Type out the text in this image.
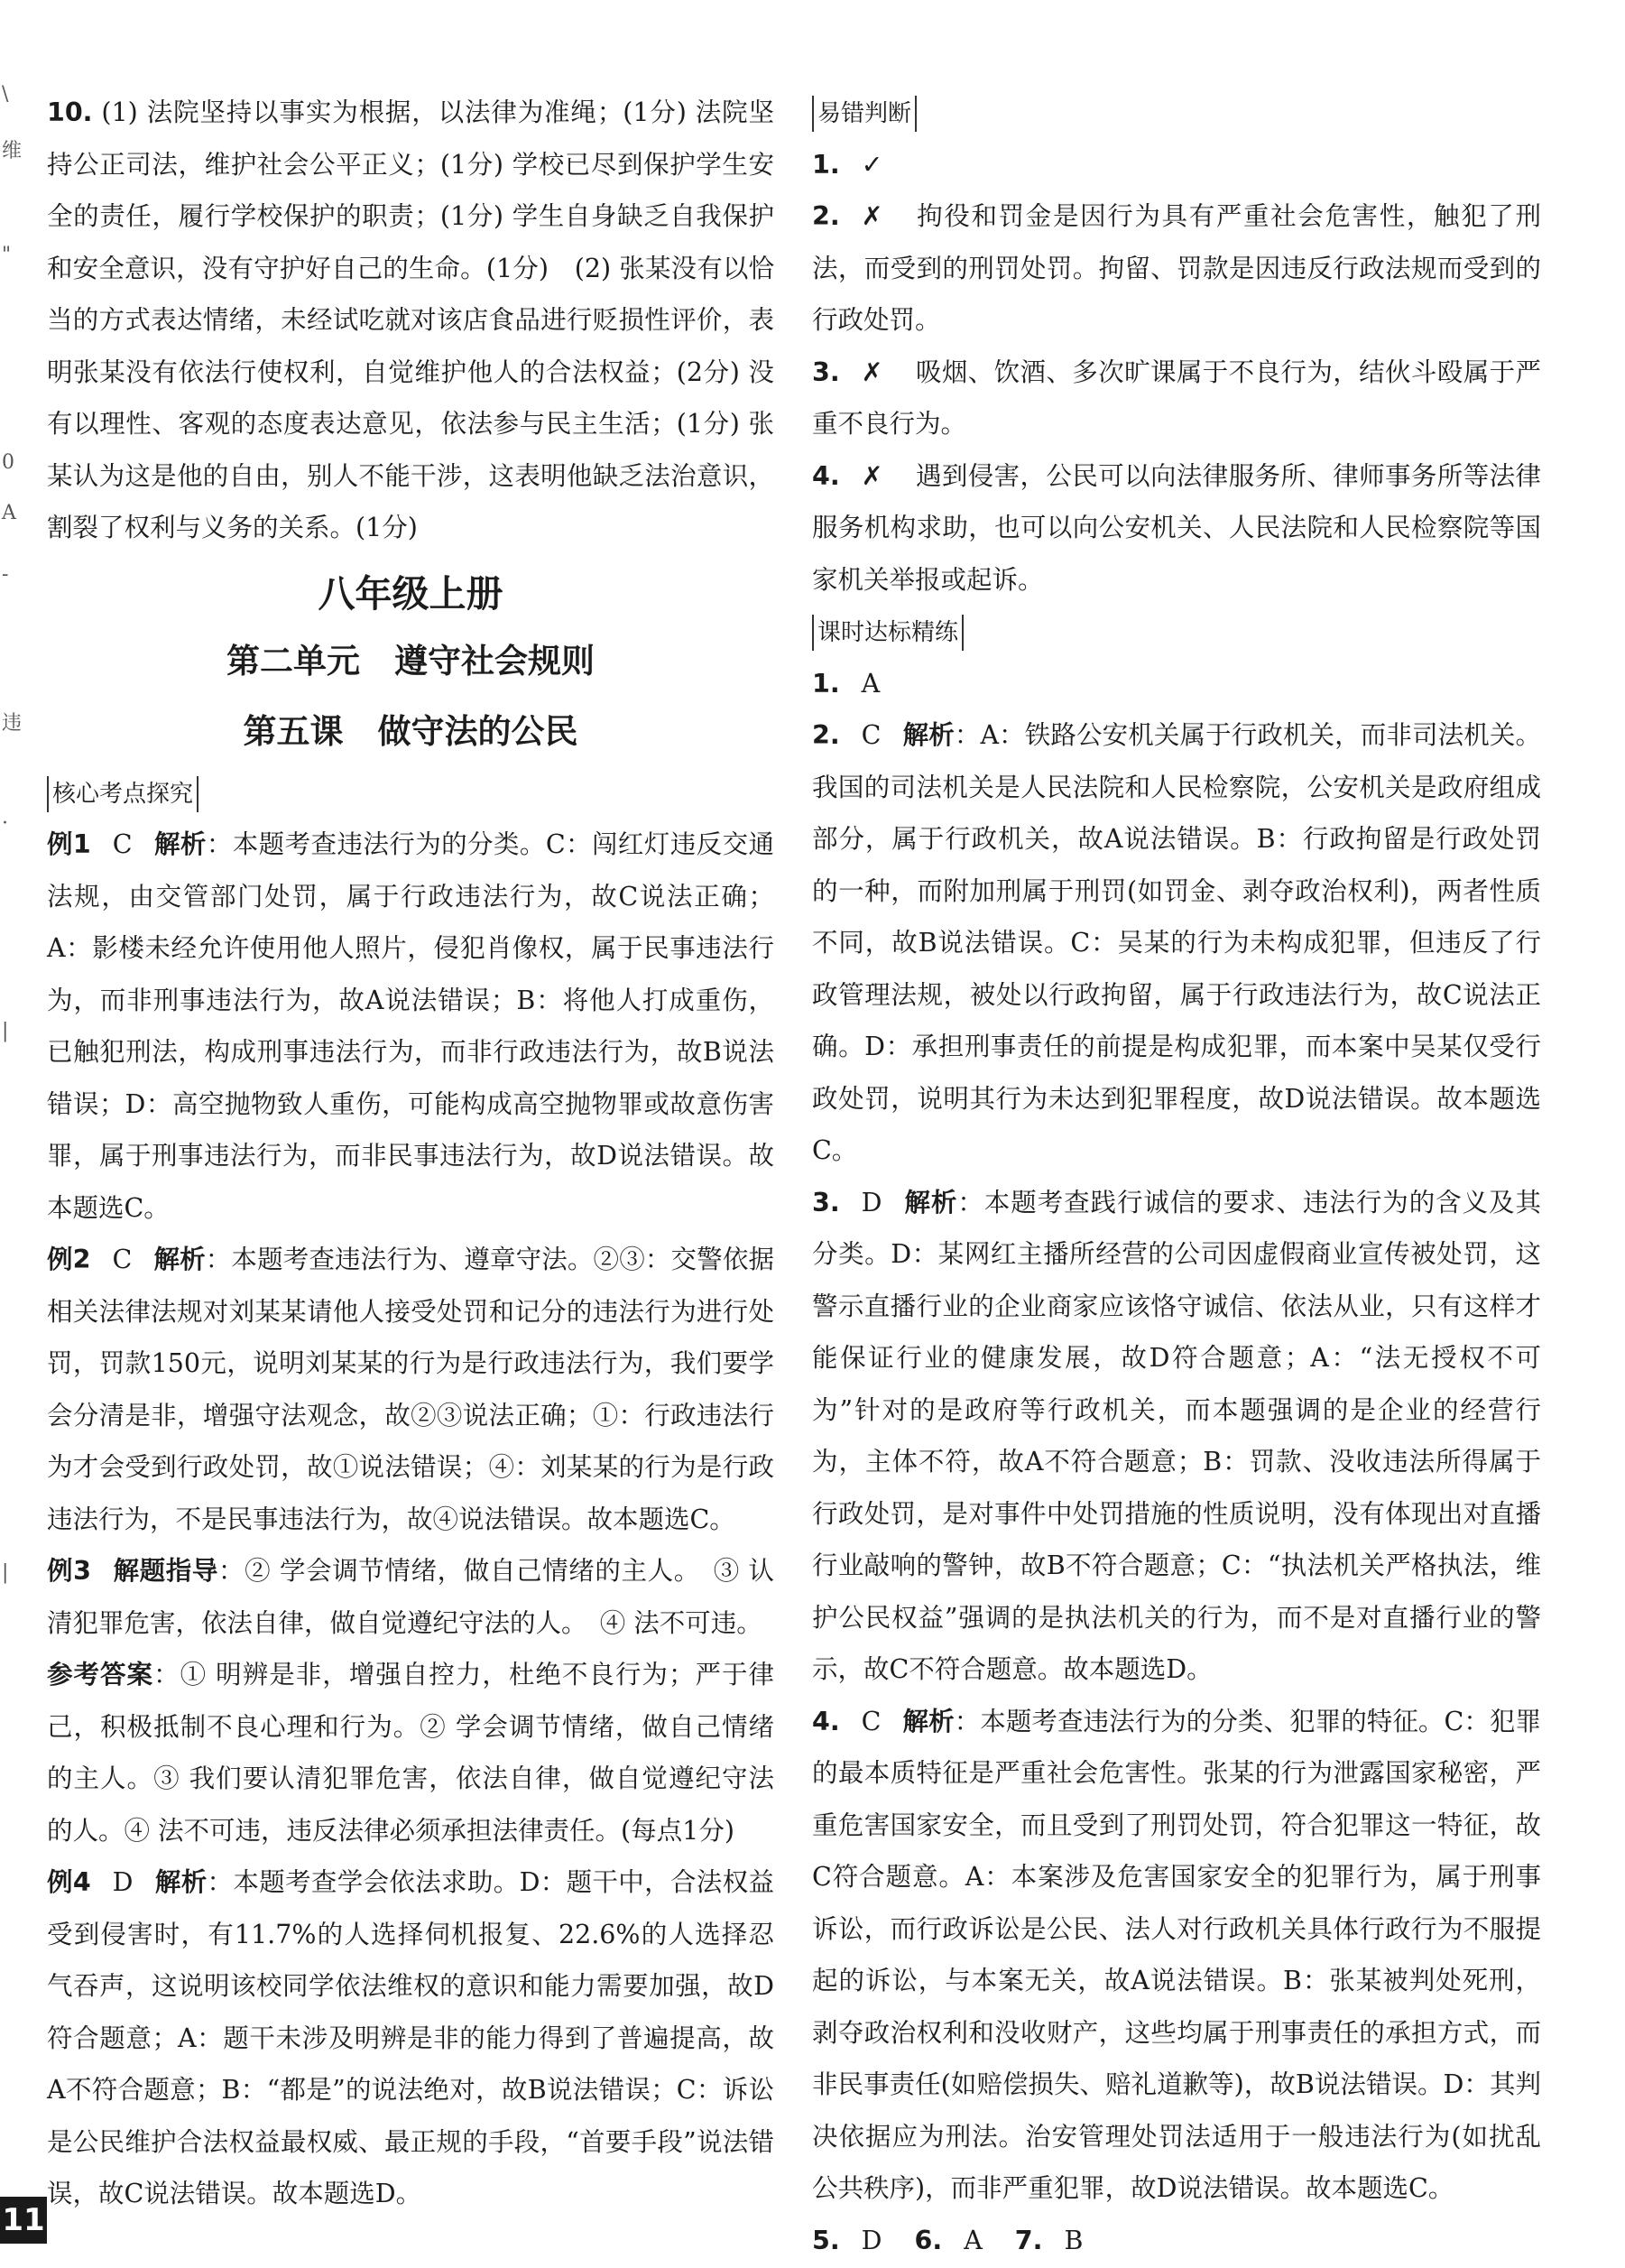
\
维
"
0
A
-
违
·
|
|

10. (1) 法院坚持以事实为根据，以法律为准绳；(1分) 法院坚持公正司法，维护社会公平正义；(1分) 学校已尽到保护学生安全的责任，履行学校保护的职责；(1分) 学生自身缺乏自我保护和安全意识，没有守护好自己的生命。(1分)　(2) 张某没有以恰当的方式表达情绪，未经试吃就对该店食品进行贬损性评价，表明张某没有依法行使权利，自觉维护他人的合法权益；(2分) 没有以理性、客观的态度表达意见，依法参与民主生活；(1分) 张某认为这是他的自由，别人不能干涉，这表明他缺乏法治意识，割裂了权利与义务的关系。(1分)

八年级上册
第二单元 遵守社会规则
第五课 做守法的公民
核心考点探究

例1 C 解析：本题考查违法行为的分类。C：闯红灯违反交通法规，由交管部门处罚，属于行政违法行为，故C说法正确；A：影楼未经允许使用他人照片，侵犯肖像权，属于民事违法行为，而非刑事违法行为，故A说法错误；B：将他人打成重伤，已触犯刑法，构成刑事违法行为，而非行政违法行为，故B说法错误；D：高空抛物致人重伤，可能构成高空抛物罪或故意伤害罪，属于刑事违法行为，而非民事违法行为，故D说法错误。故本题选C。

例2 C 解析：本题考查违法行为、遵章守法。②③：交警依据相关法律法规对刘某某请他人接受处罚和记分的违法行为进行处罚，罚款150元，说明刘某某的行为是行政违法行为，我们要学会分清是非，增强守法观念，故②③说法正确；①：行政违法行为才会受到行政处罚，故①说法错误；④：刘某某的行为是行政违法行为，不是民事违法行为，故④说法错误。故本题选C。

例3 解题指导：② 学会调节情绪，做自己情绪的主人。　③ 认清犯罪危害，依法自律，做自觉遵纪守法的人。　④ 法不可违。

参考答案：① 明辨是非，增强自控力，杜绝不良行为；严于律己，积极抵制不良心理和行为。② 学会调节情绪，做自己情绪的主人。③ 我们要认清犯罪危害，依法自律，做自觉遵纪守法的人。④ 法不可违，违反法律必须承担法律责任。(每点1分)

例4 D 解析：本题考查学会依法求助。D：题干中，合法权益受到侵害时，有11.7%的人选择伺机报复、22.6%的人选择忍气吞声，这说明该校同学依法维权的意识和能力需要加强，故D符合题意；A：题干未涉及明辨是非的能力得到了普遍提高，故A不符合题意；B：“都是”的说法绝对，故B说法错误；C：诉讼是公民维护合法权益最权威、最正规的手段，“首要手段”说法错误，故C说法错误。故本题选D。

易错判断

1. ✓

2. ✗ 拘役和罚金是因行为具有严重社会危害性，触犯了刑法，而受到的刑罚处罚。拘留、罚款是因违反行政法规而受到的行政处罚。

3. ✗ 吸烟、饮酒、多次旷课属于不良行为，结伙斗殴属于严重不良行为。

4. ✗ 遇到侵害，公民可以向法律服务所、律师事务所等法律服务机构求助，也可以向公安机关、人民法院和人民检察院等国家机关举报或起诉。

课时达标精练

1. A

2. C 解析：A：铁路公安机关属于行政机关，而非司法机关。我国的司法机关是人民法院和人民检察院，公安机关是政府组成部分，属于行政机关，故A说法错误。B：行政拘留是行政处罚的一种，而附加刑属于刑罚(如罚金、剥夺政治权利)，两者性质不同，故B说法错误。C：吴某的行为未构成犯罪，但违反了行政管理法规，被处以行政拘留，属于行政违法行为，故C说法正确。D：承担刑事责任的前提是构成犯罪，而本案中吴某仅受行政处罚，说明其行为未达到犯罪程度，故D说法错误。故本题选C。

3. D 解析：本题考查践行诚信的要求、违法行为的含义及其分类。D：某网红主播所经营的公司因虚假商业宣传被处罚，这警示直播行业的企业商家应该恪守诚信、依法从业，只有这样才能保证行业的健康发展，故D符合题意；A：“法无授权不可为”针对的是政府等行政机关，而本题强调的是企业的经营行为，主体不符，故A不符合题意；B：罚款、没收违法所得属于行政处罚，是对事件中处罚措施的性质说明，没有体现出对直播行业敲响的警钟，故B不符合题意；C：“执法机关严格执法，维护公民权益”强调的是执法机关的行为，而不是对直播行业的警示，故C不符合题意。故本题选D。

4. C 解析：本题考查违法行为的分类、犯罪的特征。C：犯罪的最本质特征是严重社会危害性。张某的行为泄露国家秘密，严重危害国家安全，而且受到了刑罚处罚，符合犯罪这一特征，故C符合题意。A：本案涉及危害国家安全的犯罪行为，属于刑事诉讼，而行政诉讼是公民、法人对行政机关具体行政行为不服提起的诉讼，与本案无关，故A说法错误。B：张某被判处死刑，剥夺政治权利和没收财产，这些均属于刑事责任的承担方式，而非民事责任(如赔偿损失、赔礼道歉等)，故B说法错误。D：其判决依据应为刑法。治安管理处罚法适用于一般违法行为(如扰乱公共秩序)，而非严重犯罪，故D说法错误。故本题选C。

5. D 6. A 7. B

11
